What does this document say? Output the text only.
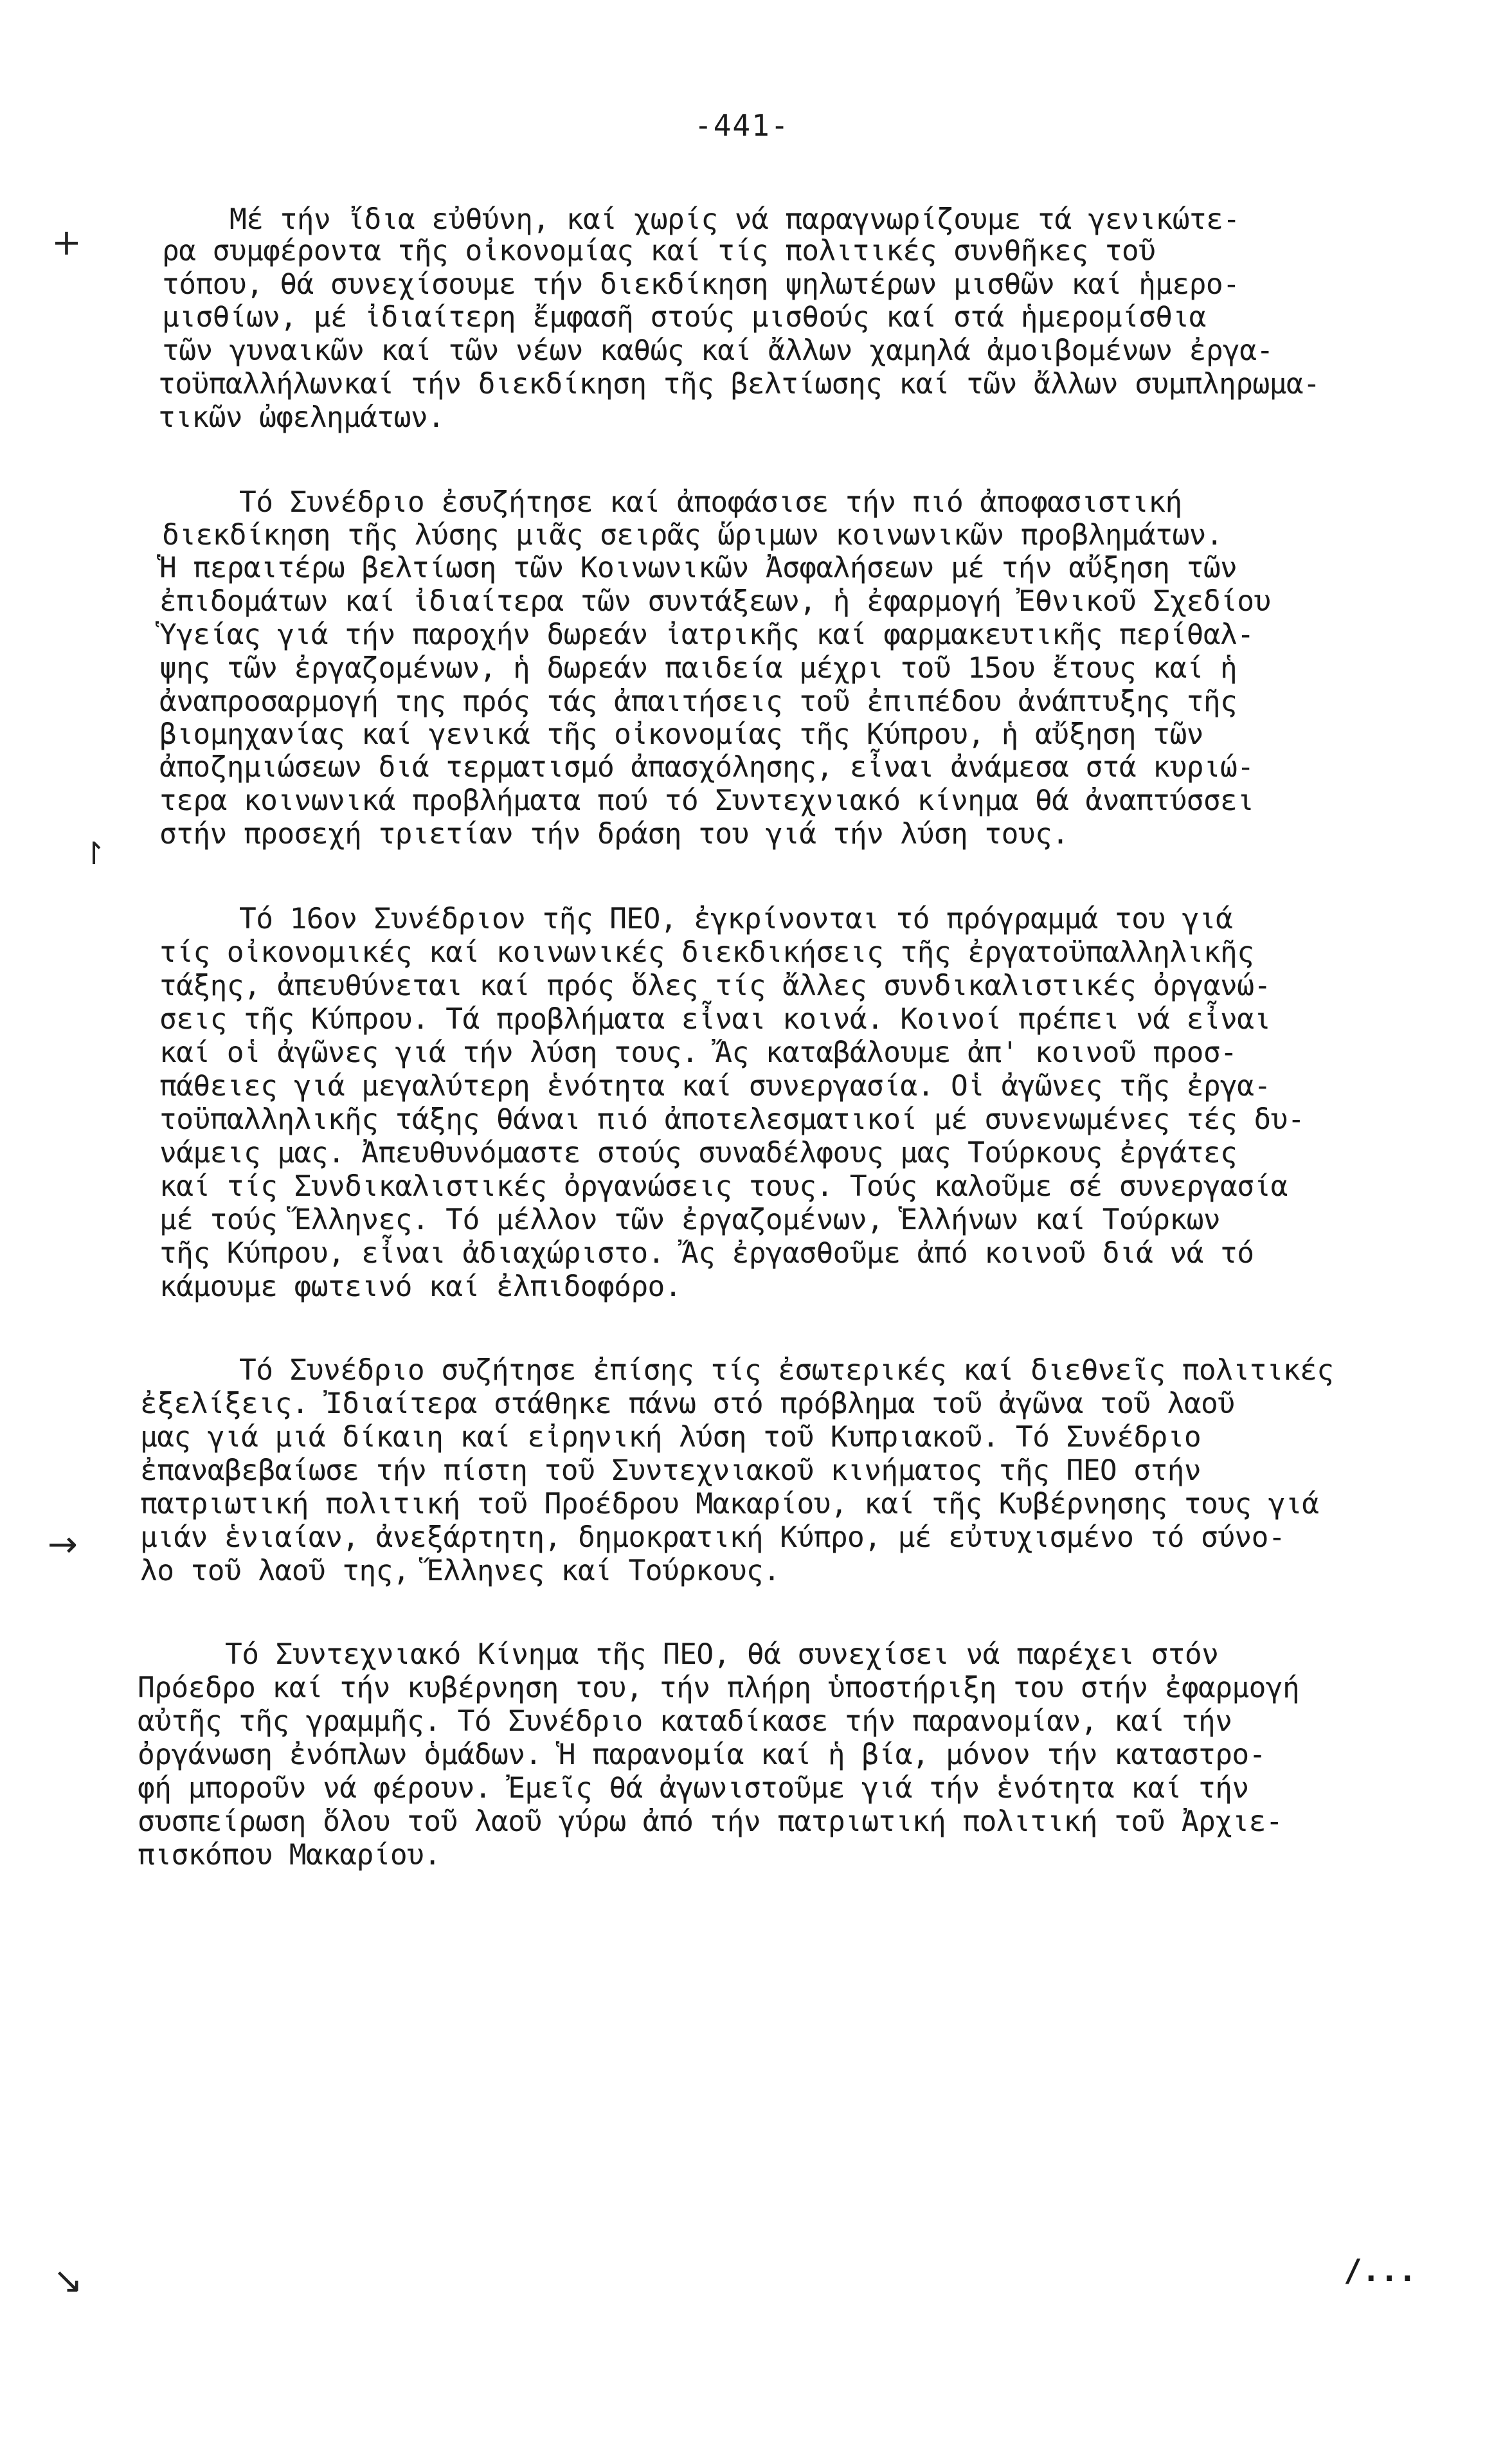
-441-
+
↾
→
↘
Μέ τήν ἴδια εὐθύνη, καί χωρίς νά παραγνωρίζουμε τά γενικώτε-
ρα συμφέροντα τῆς οἰκονομίας καί τίς πολιτικές συνθῆκες τοῦ
τόπου, θά συνεχίσουμε τήν διεκδίκηση ψηλωτέρων μισθῶν καί ἡμερο-
μισθίων, μέ ἰδιαίτερη ἔμφασῆ στούς μισθούς καί στά ἡμερομίσθια
τῶν γυναικῶν καί τῶν νέων καθώς καί ἄλλων χαμηλά ἀμοιβομένων ἐργα-
τοϋπαλλήλωνκαί τήν διεκδίκηση τῆς βελτίωσης καί τῶν ἄλλων συμπληρωμα-
τικῶν ὠφελημάτων.
Τό Συνέδριο ἐσυζήτησε καί ἀποφάσισε τήν πιό ἀποφασιστική
διεκδίκηση τῆς λύσης μιᾶς σειρᾶς ὥριμων κοινωνικῶν προβλημάτων.
Ἡ περαιτέρω βελτίωση τῶν Κοινωνικῶν Ἀσφαλήσεων μέ τήν αὔξηση τῶν
ἐπιδομάτων καί ἰδιαίτερα τῶν συντάξεων, ἡ ἐφαρμογή Ἐθνικοῦ Σχεδίου
Ὑγείας γιά τήν παροχήν δωρεάν ἰατρικῆς καί φαρμακευτικῆς περίθαλ-
ψης τῶν ἐργαζομένων, ἡ δωρεάν παιδεία μέχρι τοῦ 15ου ἔτους καί ἡ
ἀναπροσαρμογή της πρός τάς ἀπαιτήσεις τοῦ ἐπιπέδου ἀνάπτυξης τῆς
βιομηχανίας καί γενικά τῆς οἰκονομίας τῆς Κύπρου, ἡ αὔξηση τῶν
ἀποζημιώσεων διά τερματισμό ἀπασχόλησης, εἶναι ἀνάμεσα στά κυριώ-
τερα κοινωνικά προβλήματα πού τό Συντεχνιακό κίνημα θά ἀναπτύσσει
στήν προσεχή τριετίαν τήν δράση του γιά τήν λύση τους.
Τό 16ον Συνέδριον τῆς ΠΕΟ, ἐγκρίνονται τό πρόγραμμά του γιά
τίς οἰκονομικές καί κοινωνικές διεκδικήσεις τῆς ἐργατοϋπαλληλικῆς
τάξης, ἀπευθύνεται καί πρός ὅλες τίς ἄλλες συνδικαλιστικές ὀργανώ-
σεις τῆς Κύπρου. Τά προβλήματα εἶναι κοινά. Κοινοί πρέπει νά εἶναι
καί οἱ ἀγῶνες γιά τήν λύση τους. Ἄς καταβάλουμε ἀπ' κοινοῦ προσ-
πάθειες γιά μεγαλύτερη ἑνότητα καί συνεργασία. Οἱ ἀγῶνες τῆς ἐργα-
τοϋπαλληλικῆς τάξης θάναι πιό ἀποτελεσματικοί μέ συνενωμένες τές δυ-
νάμεις μας. Ἀπευθυνόμαστε στούς συναδέλφους μας Τούρκους ἐργάτες
καί τίς Συνδικαλιστικές ὀργανώσεις τους. Τούς καλοῦμε σέ συνεργασία
μέ τούς Ἕλληνες. Τό μέλλον τῶν ἐργαζομένων, Ἑλλήνων καί Τούρκων
τῆς Κύπρου, εἶναι ἀδιαχώριστο. Ἄς ἐργασθοῦμε ἀπό κοινοῦ διά νά τό
κάμουμε φωτεινό καί ἐλπιδοφόρο.
Τό Συνέδριο συζήτησε ἐπίσης τίς ἐσωτερικές καί διεθνεῖς πολιτικές
ἐξελίξεις. Ἰδιαίτερα στάθηκε πάνω στό πρόβλημα τοῦ ἀγῶνα τοῦ λαοῦ
μας γιά μιά δίκαιη καί εἰρηνική λύση τοῦ Κυπριακοῦ. Τό Συνέδριο
ἐπαναβεβαίωσε τήν πίστη τοῦ Συντεχνιακοῦ κινήματος τῆς ΠΕΟ στήν
πατριωτική πολιτική τοῦ Προέδρου Μακαρίου, καί τῆς Κυβέρνησης τους γιά
μιάν ἑνιαίαν, ἀνεξάρτητη, δημοκρατική Κύπρο, μέ εὐτυχισμένο τό σύνο-
λο τοῦ λαοῦ της, Ἕλληνες καί Τούρκους.
Τό Συντεχνιακό Κίνημα τῆς ΠΕΟ, θά συνεχίσει νά παρέχει στόν
Πρόεδρο καί τήν κυβέρνηση του, τήν πλήρη ὑποστήριξη του στήν ἐφαρμογή
αὐτῆς τῆς γραμμῆς. Τό Συνέδριο καταδίκασε τήν παρανομίαν, καί τήν
ὀργάνωση ἐνόπλων ὁμάδων. Ἡ παρανομία καί ἡ βία, μόνον τήν καταστρο-
φή μποροῦν νά φέρουν. Ἐμεῖς θά ἀγωνιστοῦμε γιά τήν ἑνότητα καί τήν
συσπείρωση ὅλου τοῦ λαοῦ γύρω ἀπό τήν πατριωτική πολιτική τοῦ Ἀρχιε-
πισκόπου Μακαρίου.
/...
